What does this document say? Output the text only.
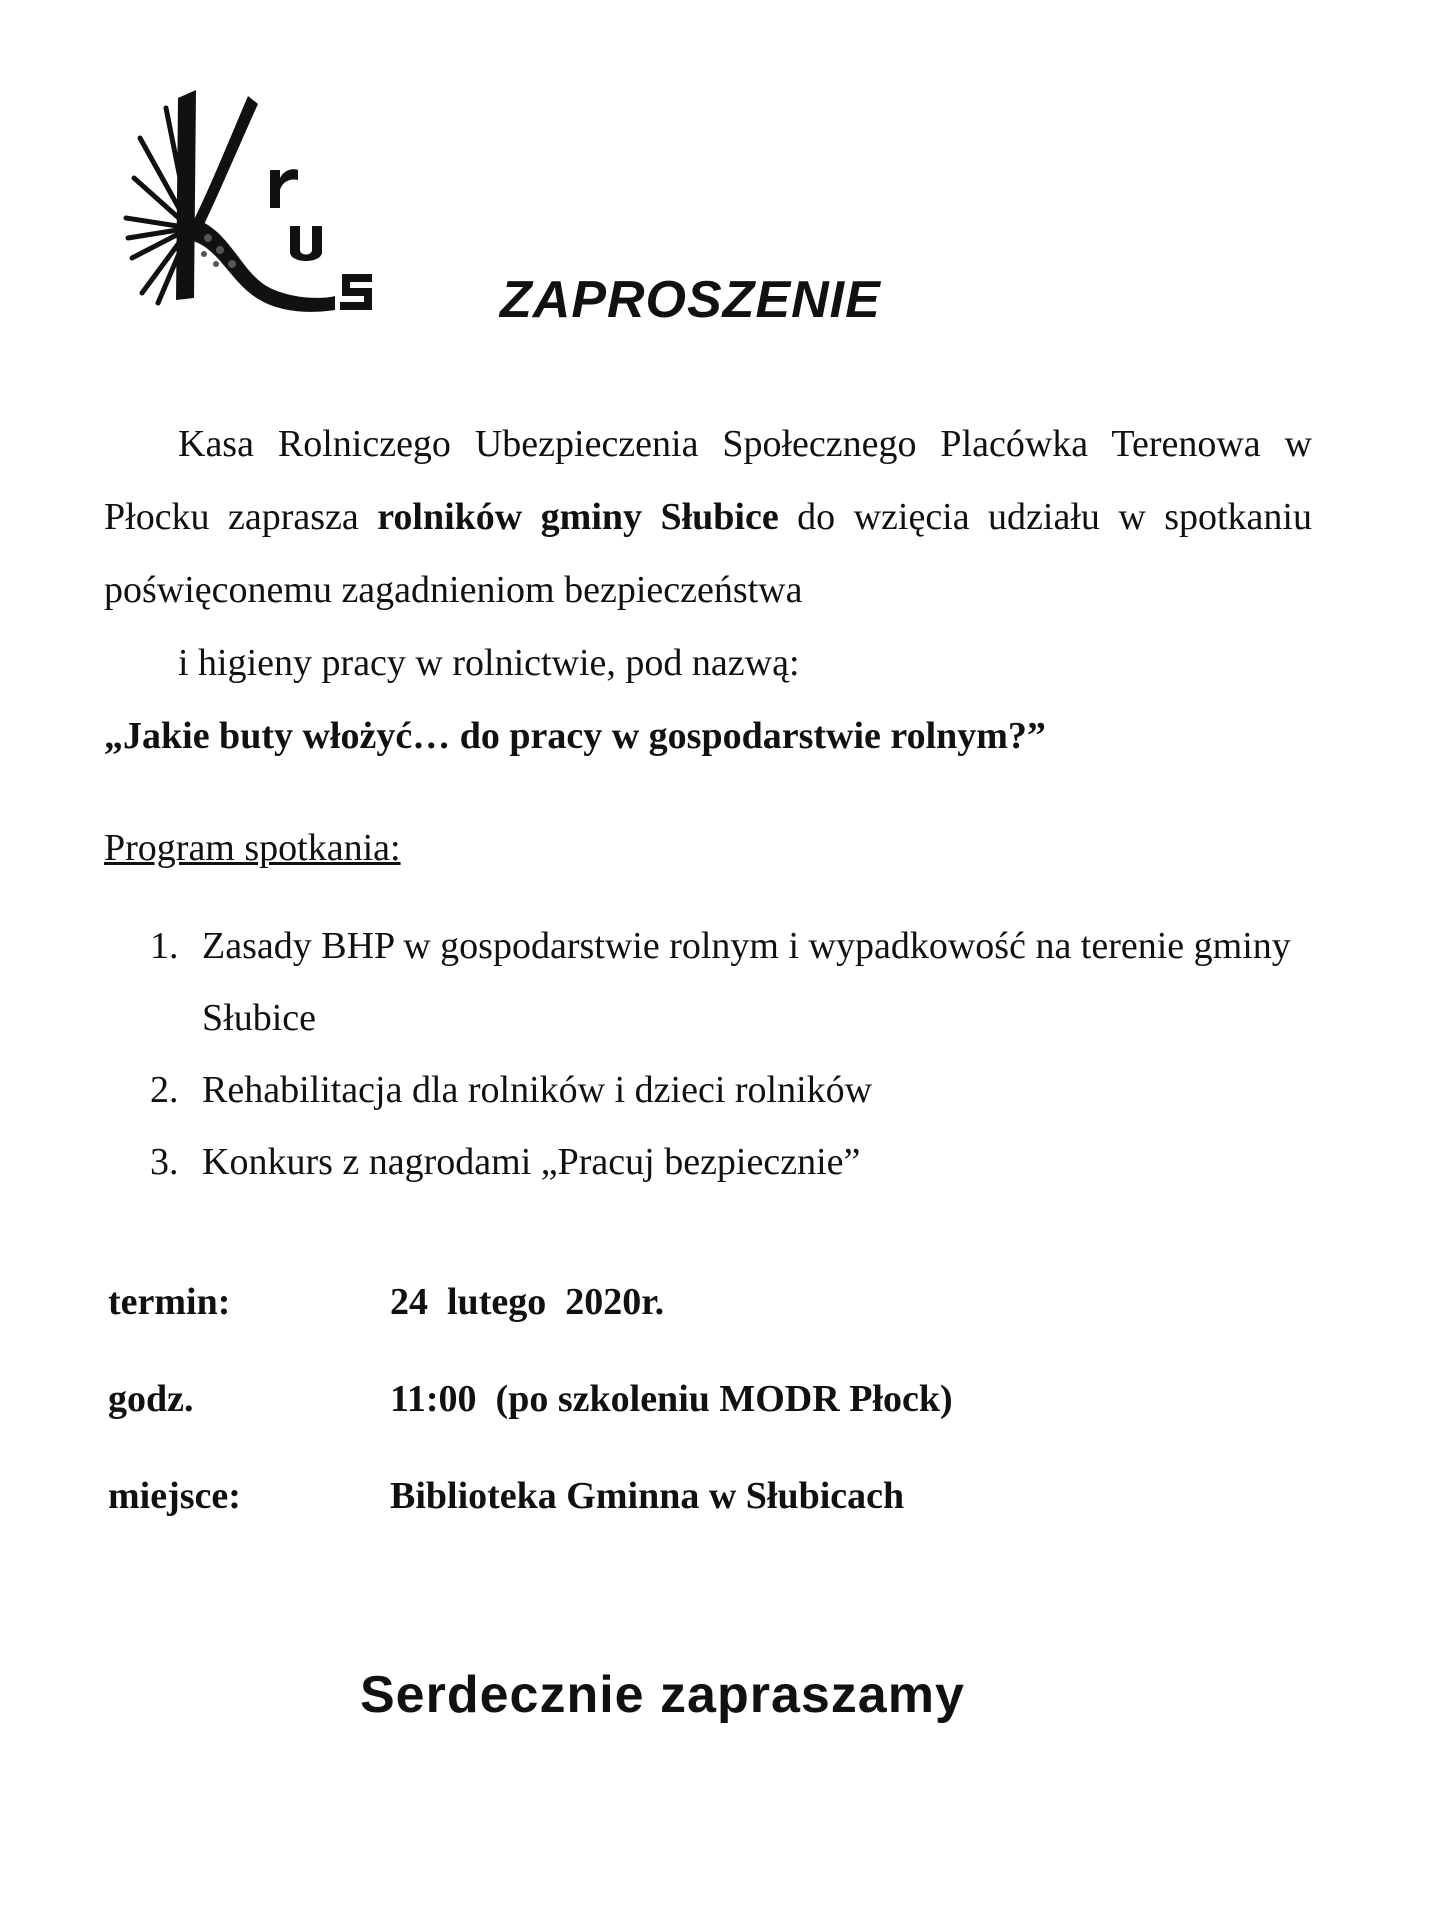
ZAPROSZENIE

Kasa Rolniczego Ubezpieczenia Społecznego Placówka Terenowa w Płocku zaprasza rolników gminy Słubice do wzięcia udziału w spotkaniu poświęconemu zagadnieniom bezpieczeństwa
i higieny pracy w rolnictwie, pod nazwą:

„Jakie buty włożyć… do pracy w gospodarstwie rolnym?”

Program spotkania:

1. Zasady BHP w gospodarstwie rolnym i wypadkowość na terenie gminy Słubice
2. Rehabilitacja dla rolników i dzieci rolników
3. Konkurs z nagrodami „Pracuj bezpiecznie”
termin:	24  lutego  2020r.
godz.	11:00  (po szkoleniu MODR Płock)
miejsce:	Biblioteka Gminna w Słubicach

Serdecznie zapraszamy
